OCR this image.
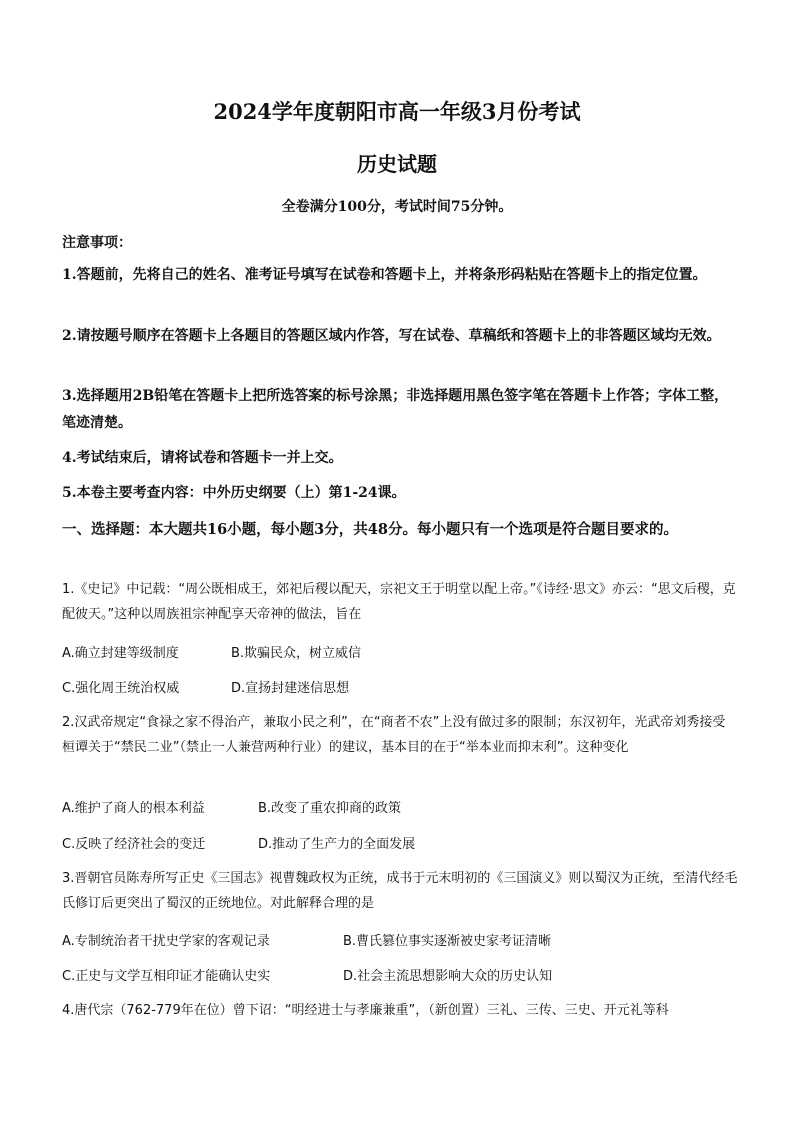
2024学年度朝阳市高一年级3月份考试
历史试题
全卷满分100分，考试时间75分钟。
注意事项：
1.答题前，先将自己的姓名、准考证号填写在试卷和答题卡上，并将条形码粘贴在答题卡上的指定位置。
2.请按题号顺序在答题卡上各题目的答题区域内作答，写在试卷、草稿纸和答题卡上的非答题区域均无效。
3.选择题用2B铅笔在答题卡上把所选答案的标号涂黑；非选择题用黑色签字笔在答题卡上作答；字体工整，笔迹清楚。
4.考试结束后，请将试卷和答题卡一并上交。
5.本卷主要考查内容：中外历史纲要（上）第1-24课。
一、选择题：本大题共16小题，每小题3分，共48分。每小题只有一个选项是符合题目要求的。
1.《史记》中记载：“周公既相成王，郊祀后稷以配天，宗祀文王于明堂以配上帝。”《诗经·思文》亦云：“思文后稷，克配彼天。”这种以周族祖宗神配享天帝神的做法，旨在
A.确立封建等级制度	B.欺骗民众，树立威信
C.强化周王统治权威	D.宣扬封建迷信思想
2.汉武帝规定“食禄之家不得治产，兼取小民之利”，在“商者不农”上没有做过多的限制；东汉初年，光武帝刘秀接受桓谭关于“禁民二业”（禁止一人兼营两种行业）的建议，基本目的在于“举本业而抑末利”。这种变化
A.维护了商人的根本利益	B.改变了重农抑商的政策
C.反映了经济社会的变迁	D.推动了生产力的全面发展
3.晋朝官员陈寿所写正史《三国志》视曹魏政权为正统，成书于元末明初的《三国演义》则以蜀汉为正统，至清代经毛氏修订后更突出了蜀汉的正统地位。对此解释合理的是
A.专制统治者干扰史学家的客观记录	B.曹氏篡位事实逐渐被史家考证清晰
C.正史与文学互相印证才能确认史实	D.社会主流思想影响大众的历史认知
4.唐代宗（762-779年在位）曾下诏：“明经进士与孝廉兼重”，（新创置）三礼、三传、三史、开元礼等科
